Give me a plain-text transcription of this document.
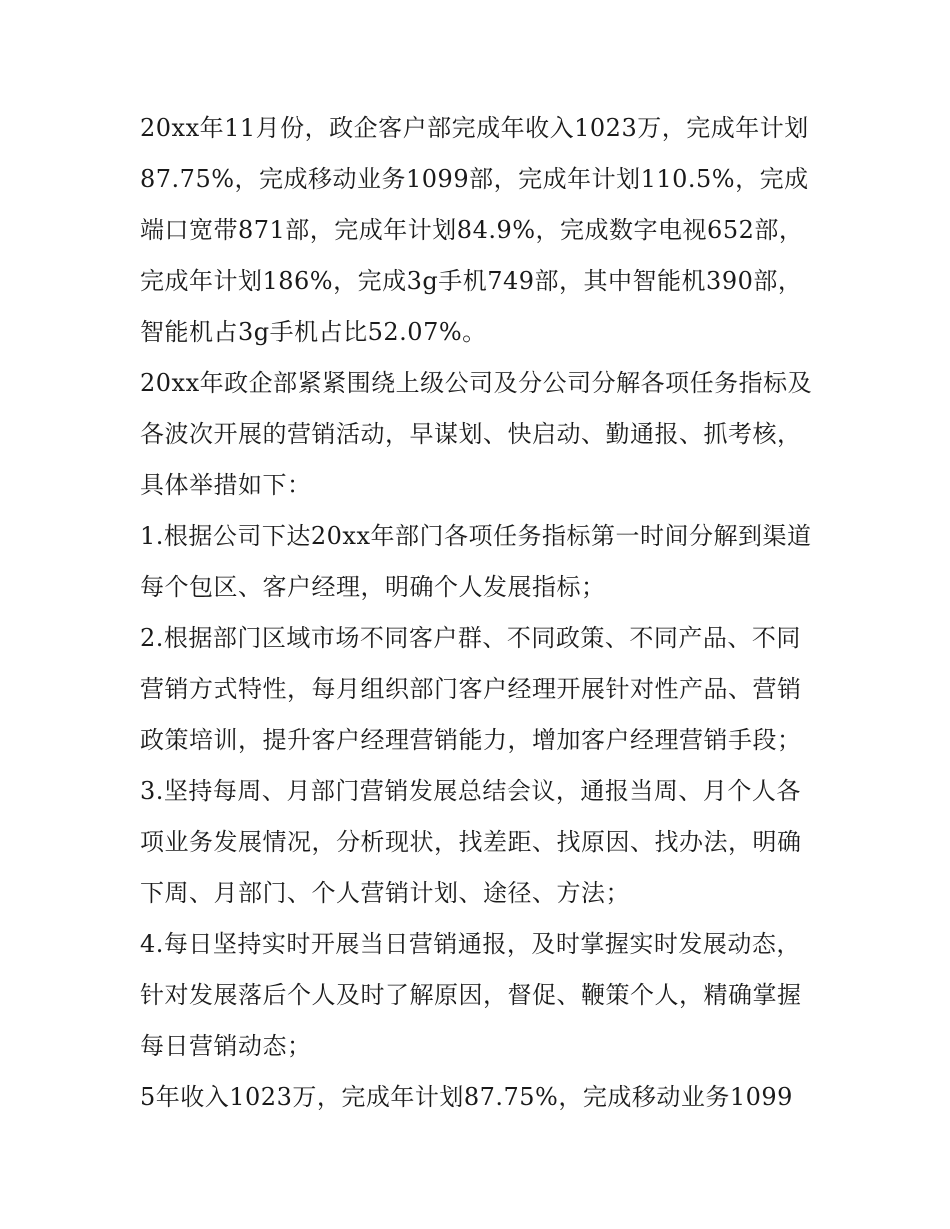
20xx年11月份，政企客户部完成年收入1023万，完成年计划87.75%，完成移动业务1099部，完成年计划110.5%，完成端口宽带871部，完成年计划84.9%，完成数字电视652部，完成年计划186%，完成3g手机749部，其中智能机390部，智能机占3g手机占比52.07%。

20xx年政企部紧紧围绕上级公司及分公司分解各项任务指标及各波次开展的营销活动，早谋划、快启动、勤通报、抓考核，具体举措如下：

1.根据公司下达20xx年部门各项任务指标第一时间分解到渠道每个包区、客户经理，明确个人发展指标；

2.根据部门区域市场不同客户群、不同政策、不同产品、不同营销方式特性，每月组织部门客户经理开展针对性产品、营销政策培训，提升客户经理营销能力，增加客户经理营销手段；

3.坚持每周、月部门营销发展总结会议，通报当周、月个人各项业务发展情况，分析现状，找差距、找原因、找办法，明确下周、月部门、个人营销计划、途径、方法；

4.每日坚持实时开展当日营销通报，及时掌握实时发展动态，针对发展落后个人及时了解原因，督促、鞭策个人，精确掌握每日营销动态；

5年收入1023万，完成年计划87.75%，完成移动业务1099
